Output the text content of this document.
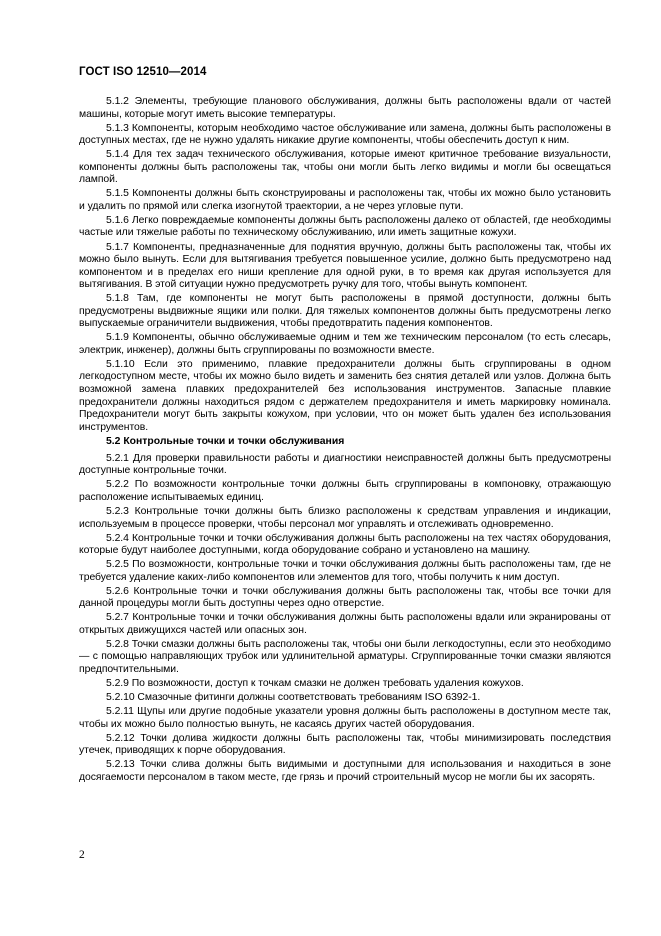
ГОСТ ISO 12510—2014

5.1.2 Элементы, требующие планового обслуживания, должны быть расположены вдали от частей машины, которые могут иметь высокие температуры.

5.1.3 Компоненты, которым необходимо частое обслуживание или замена, должны быть расположены в доступных местах, где не нужно удалять никакие другие компоненты, чтобы обеспечить доступ к ним.

5.1.4 Для тех задач технического обслуживания, которые имеют критичное требование визуальности, компоненты должны быть расположены так, чтобы они могли быть легко видимы и могли бы освещаться лампой.

5.1.5 Компоненты должны быть сконструированы и расположены так, чтобы их можно было установить и удалить по прямой или слегка изогнутой траектории, а не через угловые пути.

5.1.6 Легко повреждаемые компоненты должны быть расположены далеко от областей, где необходимы частые или тяжелые работы по техническому обслуживанию, или иметь защитные кожухи.

5.1.7 Компоненты, предназначенные для поднятия вручную, должны быть расположены так, чтобы их можно было вынуть. Если для вытягивания требуется повышенное усилие, должно быть предусмотрено над компонентом и в пределах его ниши крепление для одной руки, в то время как другая используется для вытягивания. В этой ситуации нужно предусмотреть ручку для того, чтобы вынуть компонент.

5.1.8 Там, где компоненты не могут быть расположены в прямой доступности, должны быть предусмотрены выдвижные ящики или полки. Для тяжелых компонентов должны быть предусмотрены легко выпускаемые ограничители выдвижения, чтобы предотвратить падения компонентов.

5.1.9 Компоненты, обычно обслуживаемые одним и тем же техническим персоналом (то есть слесарь, электрик, инженер), должны быть сгруппированы по возможности вместе.

5.1.10 Если это применимо, плавкие предохранители должны быть сгруппированы в одном легкодоступном месте, чтобы их можно было видеть и заменить без снятия деталей или узлов. Должна быть возможной замена плавких предохранителей без использования инструментов. Запасные плавкие предохранители должны находиться рядом с держателем предохранителя и иметь маркировку номинала. Предохранители могут быть закрыты кожухом, при условии, что он может быть удален без использования инструментов.

5.2 Контрольные точки и точки обслуживания

5.2.1 Для проверки правильности работы и диагностики неисправностей должны быть предусмотрены доступные контрольные точки.

5.2.2 По возможности контрольные точки должны быть сгруппированы в компоновку, отражающую расположение испытываемых единиц.

5.2.3 Контрольные точки должны быть близко расположены к средствам управления и индикации, используемым в процессе проверки, чтобы персонал мог управлять и отслеживать одновременно.

5.2.4 Контрольные точки и точки обслуживания должны быть расположены на тех частях оборудования, которые будут наиболее доступными, когда оборудование собрано и установлено на машину.

5.2.5 По возможности, контрольные точки и точки обслуживания должны быть расположены там, где не требуется удаление каких-либо компонентов или элементов для того, чтобы получить к ним доступ.

5.2.6 Контрольные точки и точки обслуживания должны быть расположены так, чтобы все точки для данной процедуры могли быть доступны через одно отверстие.

5.2.7 Контрольные точки и точки обслуживания должны быть расположены вдали или экранированы от открытых движущихся частей или опасных зон.

5.2.8 Точки смазки должны быть расположены так, чтобы они были легкодоступны, если это необходимо — с помощью направляющих трубок или удлинительной арматуры. Сгруппированные точки смазки являются предпочтительными.

5.2.9 По возможности, доступ к точкам смазки не должен требовать удаления кожухов.

5.2.10 Смазочные фитинги должны соответствовать требованиям ISO 6392-1.

5.2.11 Щупы или другие подобные указатели уровня должны быть расположены в доступном месте так, чтобы их можно было полностью вынуть, не касаясь других частей оборудования.

5.2.12 Точки долива жидкости должны быть расположены так, чтобы минимизировать последствия утечек, приводящих к порче оборудования.

5.2.13 Точки слива должны быть видимыми и доступными для использования и находиться в зоне досягаемости персоналом в таком месте, где грязь и прочий строительный мусор не могли бы их засорять.

2
